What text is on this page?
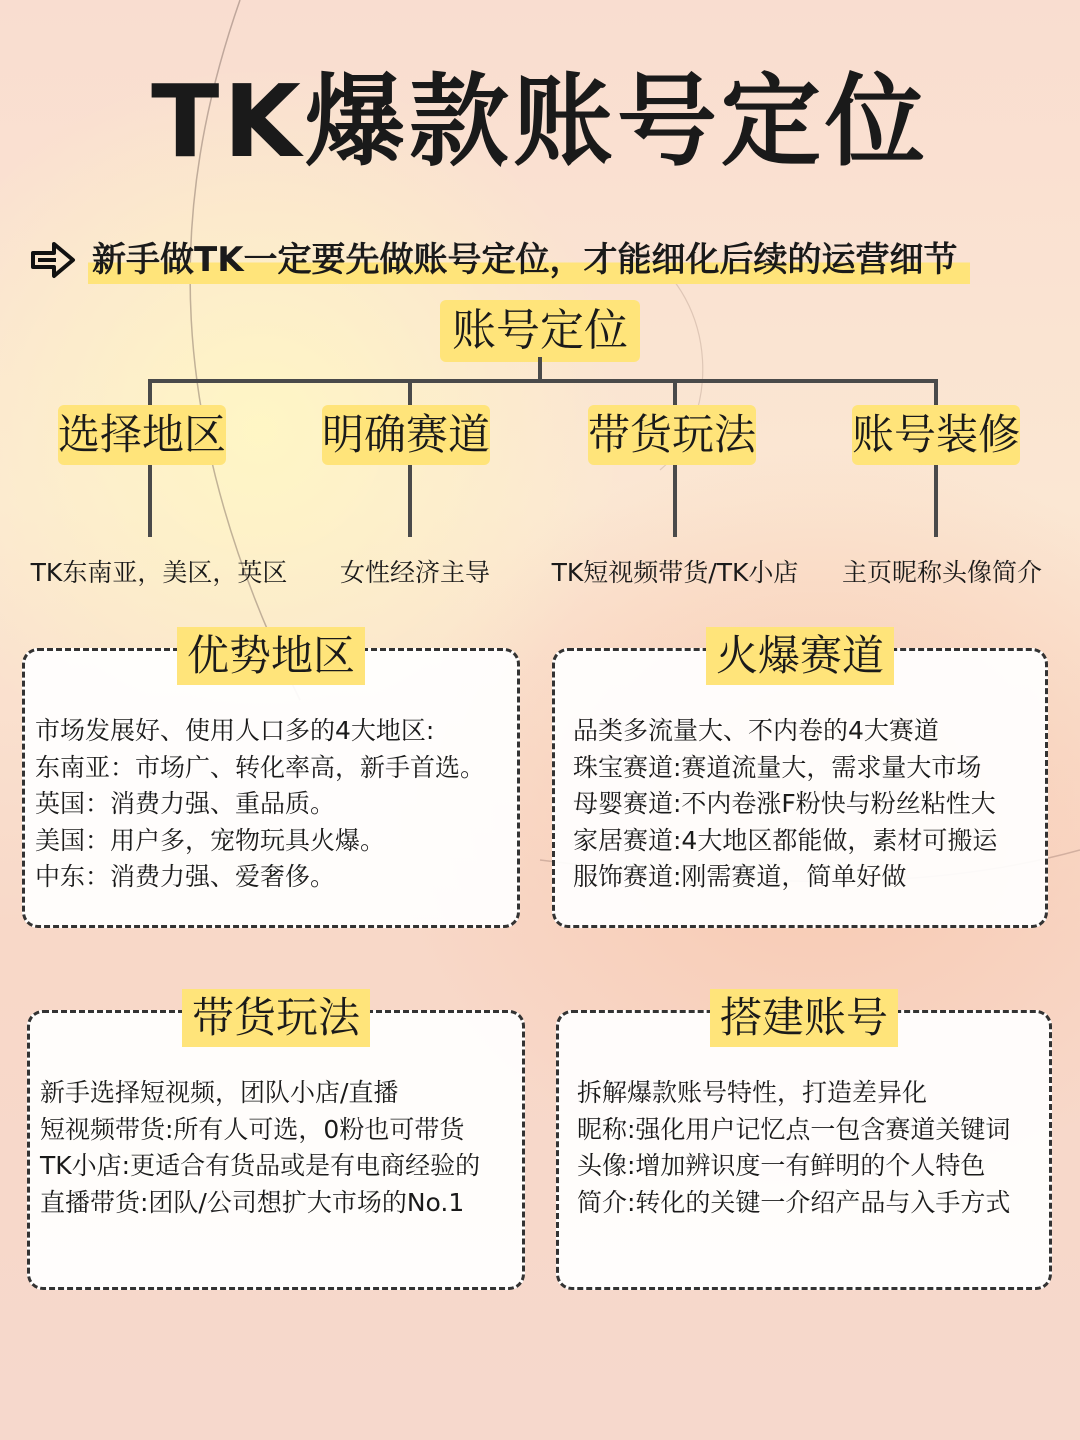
TK爆款账号定位
新手做TK一定要先做账号定位，才能细化后续的运营细节
账号定位
选择地区 明确赛道 带货玩法 账号装修
TK东南亚，美区，英区	女性经济主导	TK短视频带货/TK小店	主页昵称头像简介
优势地区
市场发展好、使用人口多的4大地区:
东南亚：市场广、转化率高，新手首选。
英国：消费力强、重品质。
美国：用户多，宠物玩具火爆。
中东：消费力强、爱奢侈。
火爆赛道
品类多流量大、不内卷的4大赛道
珠宝赛道:赛道流量大，需求量大市场
母婴赛道:不内卷涨F粉快与粉丝粘性大
家居赛道:4大地区都能做，素材可搬运
服饰赛道:刚需赛道，简单好做
带货玩法
新手选择短视频，团队小店/直播
短视频带货:所有人可选，0粉也可带货
TK小店:更适合有货品或是有电商经验的
直播带货:团队/公司想扩大市场的No.1
搭建账号
拆解爆款账号特性，打造差异化
昵称:强化用户记忆点一包含赛道关键词
头像:增加辨识度一有鲜明的个人特色
简介:转化的关键一介绍产品与入手方式
